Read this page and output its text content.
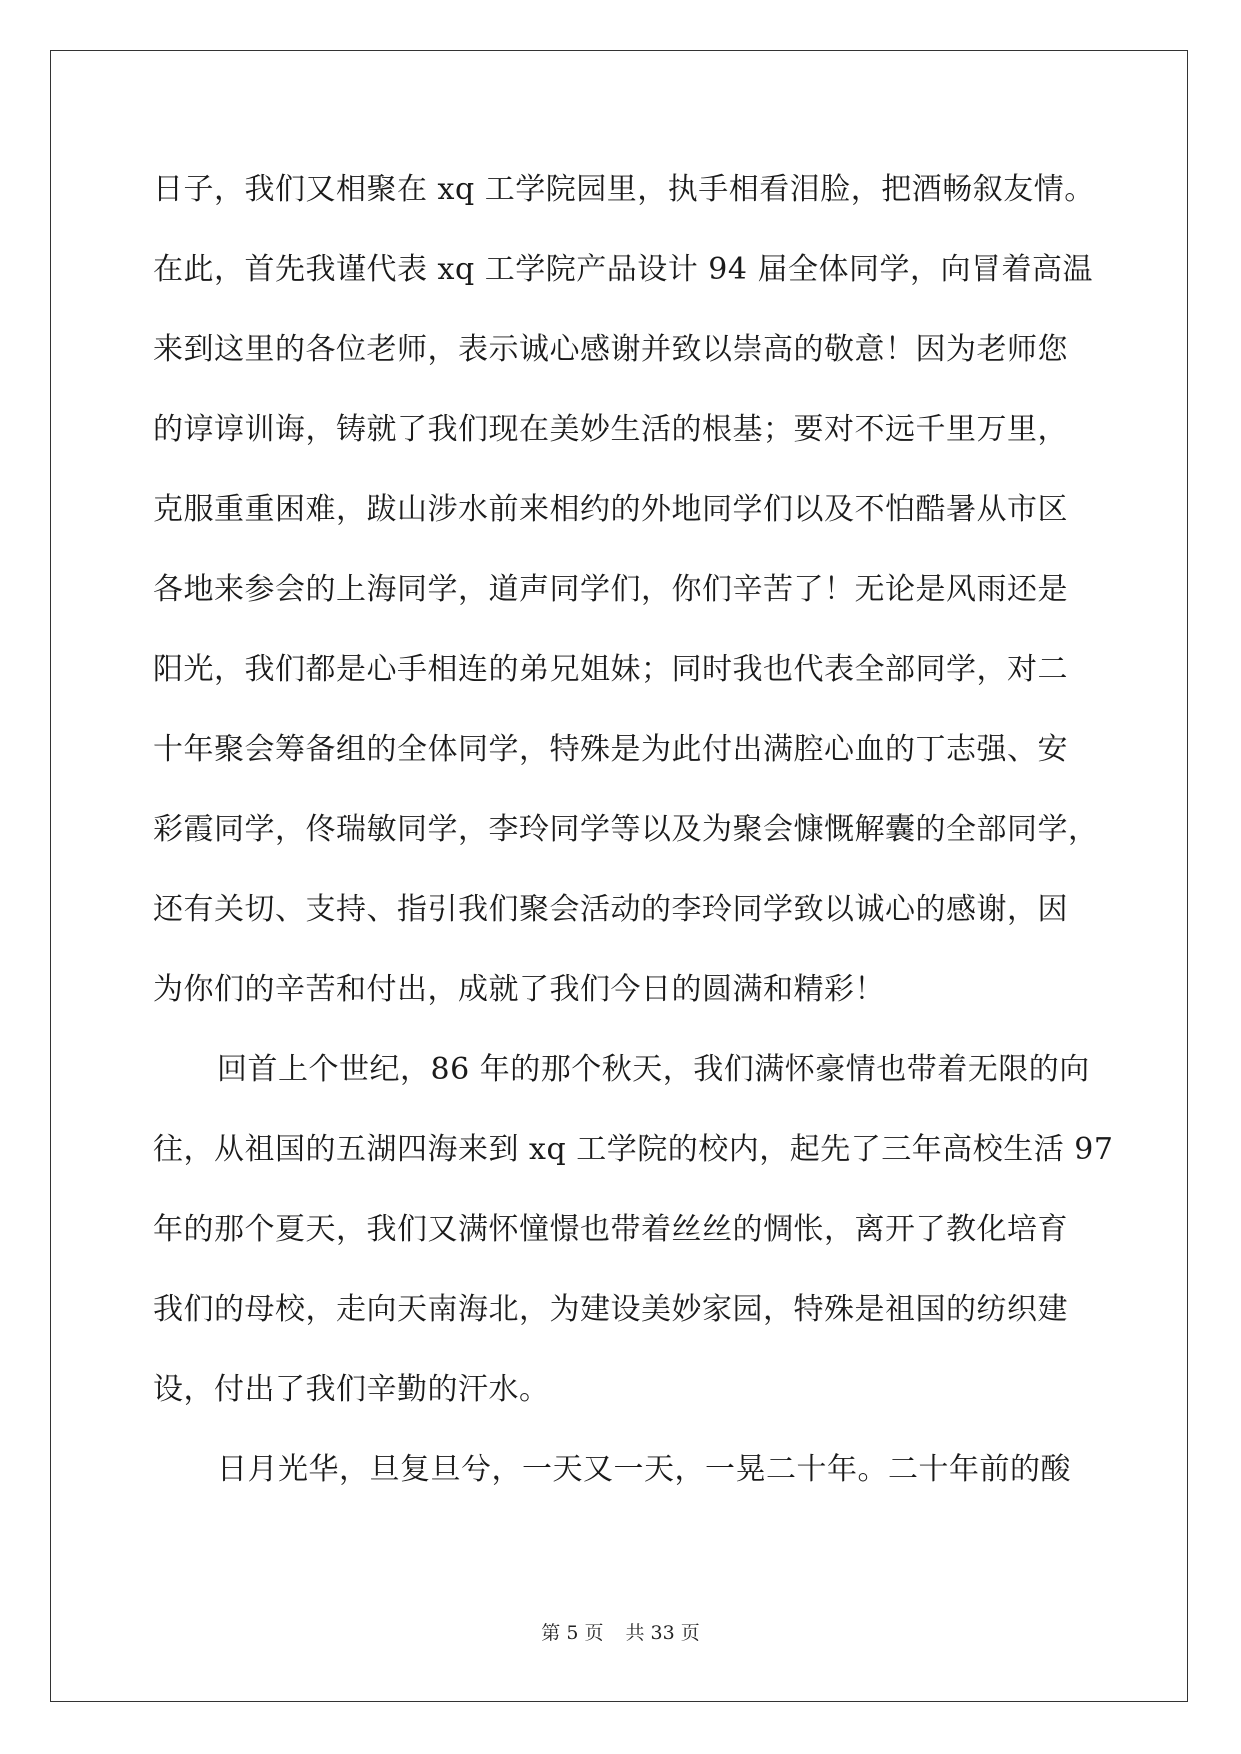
日子，我们又相聚在 xq 工学院园里，执手相看泪脸，把酒畅叙友情。
在此，首先我谨代表 xq 工学院产品设计 94 届全体同学，向冒着高温
来到这里的各位老师，表示诚心感谢并致以崇高的敬意！因为老师您
的谆谆训诲，铸就了我们现在美妙生活的根基；要对不远千里万里，
克服重重困难，跋山涉水前来相约的外地同学们以及不怕酷暑从市区
各地来参会的上海同学，道声同学们，你们辛苦了！无论是风雨还是
阳光，我们都是心手相连的弟兄姐妹；同时我也代表全部同学，对二
十年聚会筹备组的全体同学，特殊是为此付出满腔心血的丁志强、安
彩霞同学，佟瑞敏同学，李玲同学等以及为聚会慷慨解囊的全部同学，
还有关切、支持、指引我们聚会活动的李玲同学致以诚心的感谢，因
为你们的辛苦和付出，成就了我们今日的圆满和精彩！
回首上个世纪，86 年的那个秋天，我们满怀豪情也带着无限的向
往，从祖国的五湖四海来到 xq 工学院的校内，起先了三年高校生活 97
年的那个夏天，我们又满怀憧憬也带着丝丝的惆怅，离开了教化培育
我们的母校，走向天南海北，为建设美妙家园，特殊是祖国的纺织建
设，付出了我们辛勤的汗水。
日月光华，旦复旦兮，一天又一天，一晃二十年。二十年前的酸
第 5 页 共 33 页
